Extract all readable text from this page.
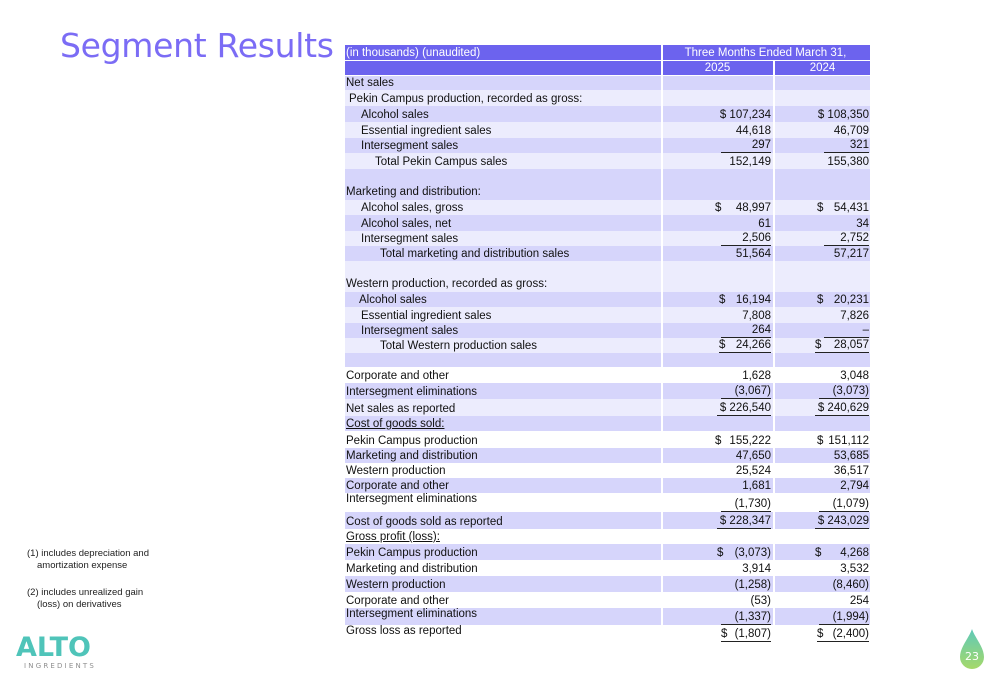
Segment Results (in thousands) (unaudited)	Three Months Ended March 31,	
	2025	2024
Net sales		
Pekin Campus production, recorded as gross:		
Alcohol sales	$ 107,234	$ 108,350
Essential ingredient sales	44,618	46,709
Intersegment sales	297	321
Total Pekin Campus sales	152,149	155,380
Marketing and distribution:		
Alcohol sales, gross	$ 48,997	$ 54,431

Alcohol sales, net	61	34
Intersegment sales	2,506	2,752
Total marketing and distribution sales	51,564	57,217
Western production, recorded as gross:		
Alcohol sales	$ 16,194	$ 20,231

Essential ingredient sales	7,808	7,826
Intersegment sales	264	–
Total Western production sales	$ 24,266	$ 28,057

Corporate and other	1,628	3,048
Intersegment eliminations	(3,067)	(3,073)
Net sales as reported	$ 226,540	$ 240,629
Cost of goods sold:		
Pekin Campus production	$ 155,222	$ 151,112

Marketing and distribution	47,650	53,685
Western production	25,524	36,517
Corporate and other	1,681	2,794
Intersegment eliminations	(1,730)	(1,079)
Cost of goods sold as reported	$ 228,347	$ 243,029
Gross profit (loss):		
Pekin Campus production	$ (3,073)	$ 4,268

Marketing and distribution	3,914	3,532
Western production	(1,258)	(8,460)
Corporate and other	(53)	254
Intersegment eliminations	(1,337)	(1,994)
Gross loss as reported	$ (1,807)	$ (2,400)

(1) includes depreciation and
amortization expense

(2) includes unrealized gain
(loss) on derivatives

ALTO
INGREDIENTS
23
